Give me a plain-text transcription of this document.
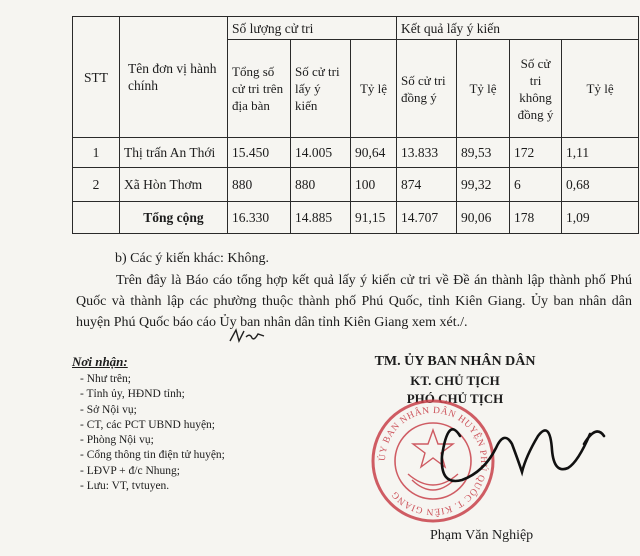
STT	Tên đơn vị hành chính	Số lượng cử tri			Kết quả lấy ý kiến			
		Tổng số cử tri trên địa bàn	Số cử tri lấy ý kiến	Tỷ lệ	Số cử tri đồng ý	Tỷ lệ	Số cử tri không đồng ý	Tỷ lệ
1	Thị trấn An Thới	15.450	14.005	90,64	13.833	89,53	172	1,11
2	Xã Hòn Thơm	880	880	100	874	99,32	6	0,68
	Tổng cộng	16.330	14.885	91,15	14.707	90,06	178	1,09
b) Các ý kiến khác: Không.
Trên đây là Báo cáo tổng hợp kết quả lấy ý kiến cử tri về Đề án thành lập thành phố Phú Quốc và thành lập các phường thuộc thành phố Phú Quốc, tỉnh Kiên Giang. Ủy ban nhân dân huyện Phú Quốc báo cáo Ủy ban nhân dân tỉnh Kiên Giang xem xét./.
Nơi nhận:
- Như trên;
- Tỉnh ủy, HĐND tỉnh;
- Sở Nội vụ;
- CT, các PCT UBND huyện;
- Phòng Nội vụ;
- Cổng thông tin điện tử huyện;
- LĐVP + đ/c Nhung;
- Lưu: VT, tvtuyen.
TM. ỦY BAN NHÂN DÂN
KT. CHỦ TỊCH
PHÓ CHỦ TỊCH
ỦY BAN NHÂN DÂN HUYỆN PHÚ QUỐC T. KIÊN GIANG
Phạm Văn Nghiệp
